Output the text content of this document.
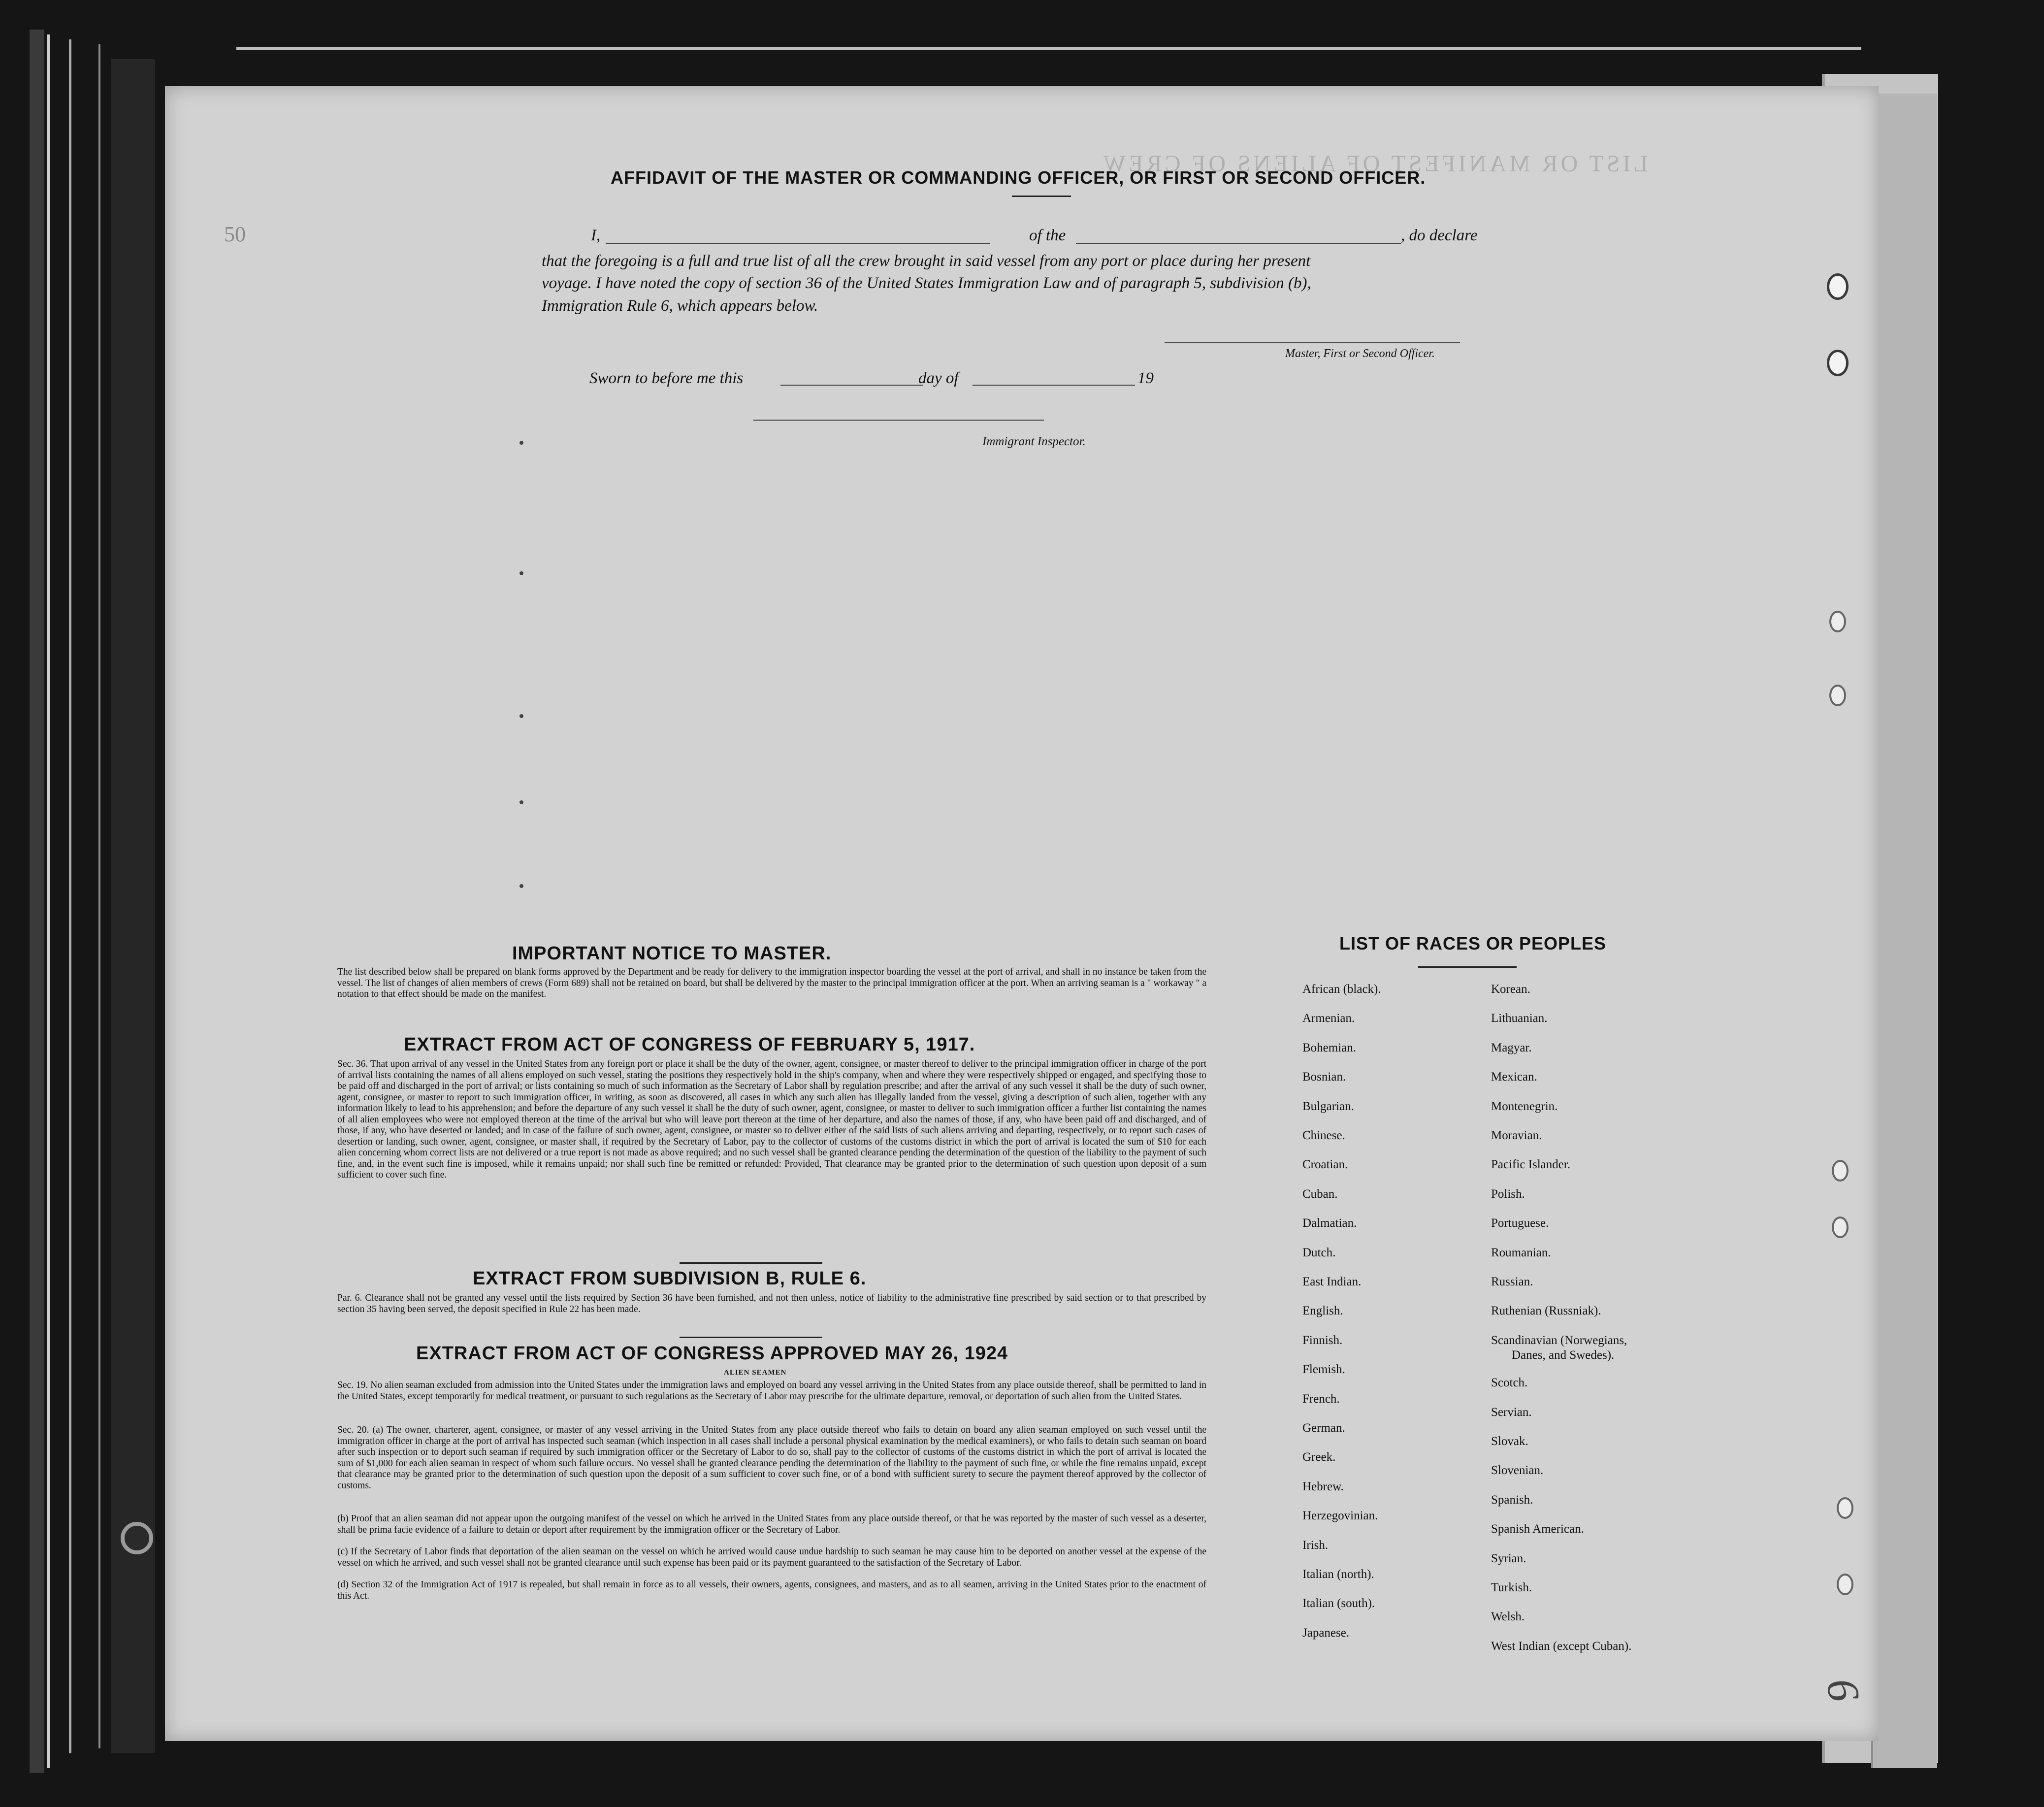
LIST OR MANIFEST OF ALIENS OF CREW
50
AFFIDAVIT OF THE MASTER OR COMMANDING OFFICER, OR FIRST OR SECOND OFFICER.
I,	of the	, do declare
that the foregoing is a full and true list of all the crew brought in said vessel from any port or place during her present
voyage. I have noted the copy of section 36 of the United States Immigration Law and of paragraph 5, subdivision (b),
Immigration Rule 6, which appears below.
Master, First or Second Officer.
Sworn to before me this	day of	19
Immigrant Inspector.
IMPORTANT NOTICE TO MASTER.

The list described below shall be prepared on blank forms approved by the Department and be ready for delivery to the immigration inspector boarding the vessel at the port of arrival, and shall in no instance be taken from the vessel. The list of changes of alien members of crews (Form 689) shall not be retained on board, but shall be delivered by the master to the principal immigration officer at the port. When an arriving seaman is a " workaway " a notation to that effect should be made on the manifest.

EXTRACT FROM ACT OF CONGRESS OF FEBRUARY 5, 1917.

Sec. 36. That upon arrival of any vessel in the United States from any foreign port or place it shall be the duty of the owner, agent, consignee, or master thereof to deliver to the principal immigration officer in charge of the port of arrival lists containing the names of all aliens employed on such vessel, stating the positions they respectively hold in the ship's company, when and where they were respectively shipped or engaged, and specifying those to be paid off and discharged in the port of arrival; or lists containing so much of such information as the Secretary of Labor shall by regulation prescribe; and after the arrival of any such vessel it shall be the duty of such owner, agent, consignee, or master to report to such immigration officer, in writing, as soon as discovered, all cases in which any such alien has illegally landed from the vessel, giving a description of such alien, together with any information likely to lead to his apprehension; and before the departure of any such vessel it shall be the duty of such owner, agent, consignee, or master to deliver to such immigration officer a further list containing the names of all alien employees who were not employed thereon at the time of the arrival but who will leave port thereon at the time of her departure, and also the names of those, if any, who have been paid off and discharged, and of those, if any, who have deserted or landed; and in case of the failure of such owner, agent, consignee, or master so to deliver either of the said lists of such aliens arriving and departing, respectively, or to report such cases of desertion or landing, such owner, agent, consignee, or master shall, if required by the Secretary of Labor, pay to the collector of customs of the customs district in which the port of arrival is located the sum of $10 for each alien concerning whom correct lists are not delivered or a true report is not made as above required; and no such vessel shall be granted clearance pending the determination of the question of the liability to the payment of such fine, and, in the event such fine is imposed, while it remains unpaid; nor shall such fine be remitted or refunded: Provided, That clearance may be granted prior to the determination of such question upon deposit of a sum sufficient to cover such fine.

EXTRACT FROM SUBDIVISION B, RULE 6.

Par. 6. Clearance shall not be granted any vessel until the lists required by Section 36 have been furnished, and not then unless, notice of liability to the administrative fine prescribed by said section or to that prescribed by section 35 having been served, the deposit specified in Rule 22 has been made.

EXTRACT FROM ACT OF CONGRESS APPROVED MAY 26, 1924
ALIEN SEAMEN

Sec. 19. No alien seaman excluded from admission into the United States under the immigration laws and employed on board any vessel arriving in the United States from any place outside thereof, shall be permitted to land in the United States, except temporarily for medical treatment, or pursuant to such regulations as the Secretary of Labor may prescribe for the ultimate departure, removal, or deportation of such alien from the United States.

Sec. 20. (a) The owner, charterer, agent, consignee, or master of any vessel arriving in the United States from any place outside thereof who fails to detain on board any alien seaman employed on such vessel until the immigration officer in charge at the port of arrival has inspected such seaman (which inspection in all cases shall include a personal physical examination by the medical examiners), or who fails to detain such seaman on board after such inspection or to deport such seaman if required by such immigration officer or the Secretary of Labor to do so, shall pay to the collector of customs of the customs district in which the port of arrival is located the sum of $1,000 for each alien seaman in respect of whom such failure occurs. No vessel shall be granted clearance pending the determination of the liability to the payment of such fine, or while the fine remains unpaid, except that clearance may be granted prior to the determination of such question upon the deposit of a sum sufficient to cover such fine, or of a bond with sufficient surety to secure the payment thereof approved by the collector of customs.

(b) Proof that an alien seaman did not appear upon the outgoing manifest of the vessel on which he arrived in the United States from any place outside thereof, or that he was reported by the master of such vessel as a deserter, shall be prima facie evidence of a failure to detain or deport after requirement by the immigration officer or the Secretary of Labor.

(c) If the Secretary of Labor finds that deportation of the alien seaman on the vessel on which he arrived would cause undue hardship to such seaman he may cause him to be deported on another vessel at the expense of the vessel on which he arrived, and such vessel shall not be granted clearance until such expense has been paid or its payment guaranteed to the satisfaction of the Secretary of Labor.

(d) Section 32 of the Immigration Act of 1917 is repealed, but shall remain in force as to all vessels, their owners, agents, consignees, and masters, and as to all seamen, arriving in the United States prior to the enactment of this Act.

LIST OF RACES OR PEOPLES
Danes, and Swedes).
6
African (black).
Armenian.
Bohemian.
Bosnian.
Bulgarian.
Chinese.
Croatian.
Cuban.
Dalmatian.
Dutch.
East Indian.
English.
Finnish.
Flemish.
French.
German.
Greek.
Hebrew.
Herzegovinian.
Irish.
Italian (north).
Italian (south).
Japanese.
Korean.
Lithuanian.
Magyar.
Mexican.
Montenegrin.
Moravian.
Pacific Islander.
Polish.
Portuguese.
Roumanian.
Russian.
Ruthenian (Russniak).
Scandinavian (Norwegians,
Scotch.
Servian.
Slovak.
Slovenian.
Spanish.
Spanish American.
Syrian.
Turkish.
Welsh.
West Indian (except Cuban).
